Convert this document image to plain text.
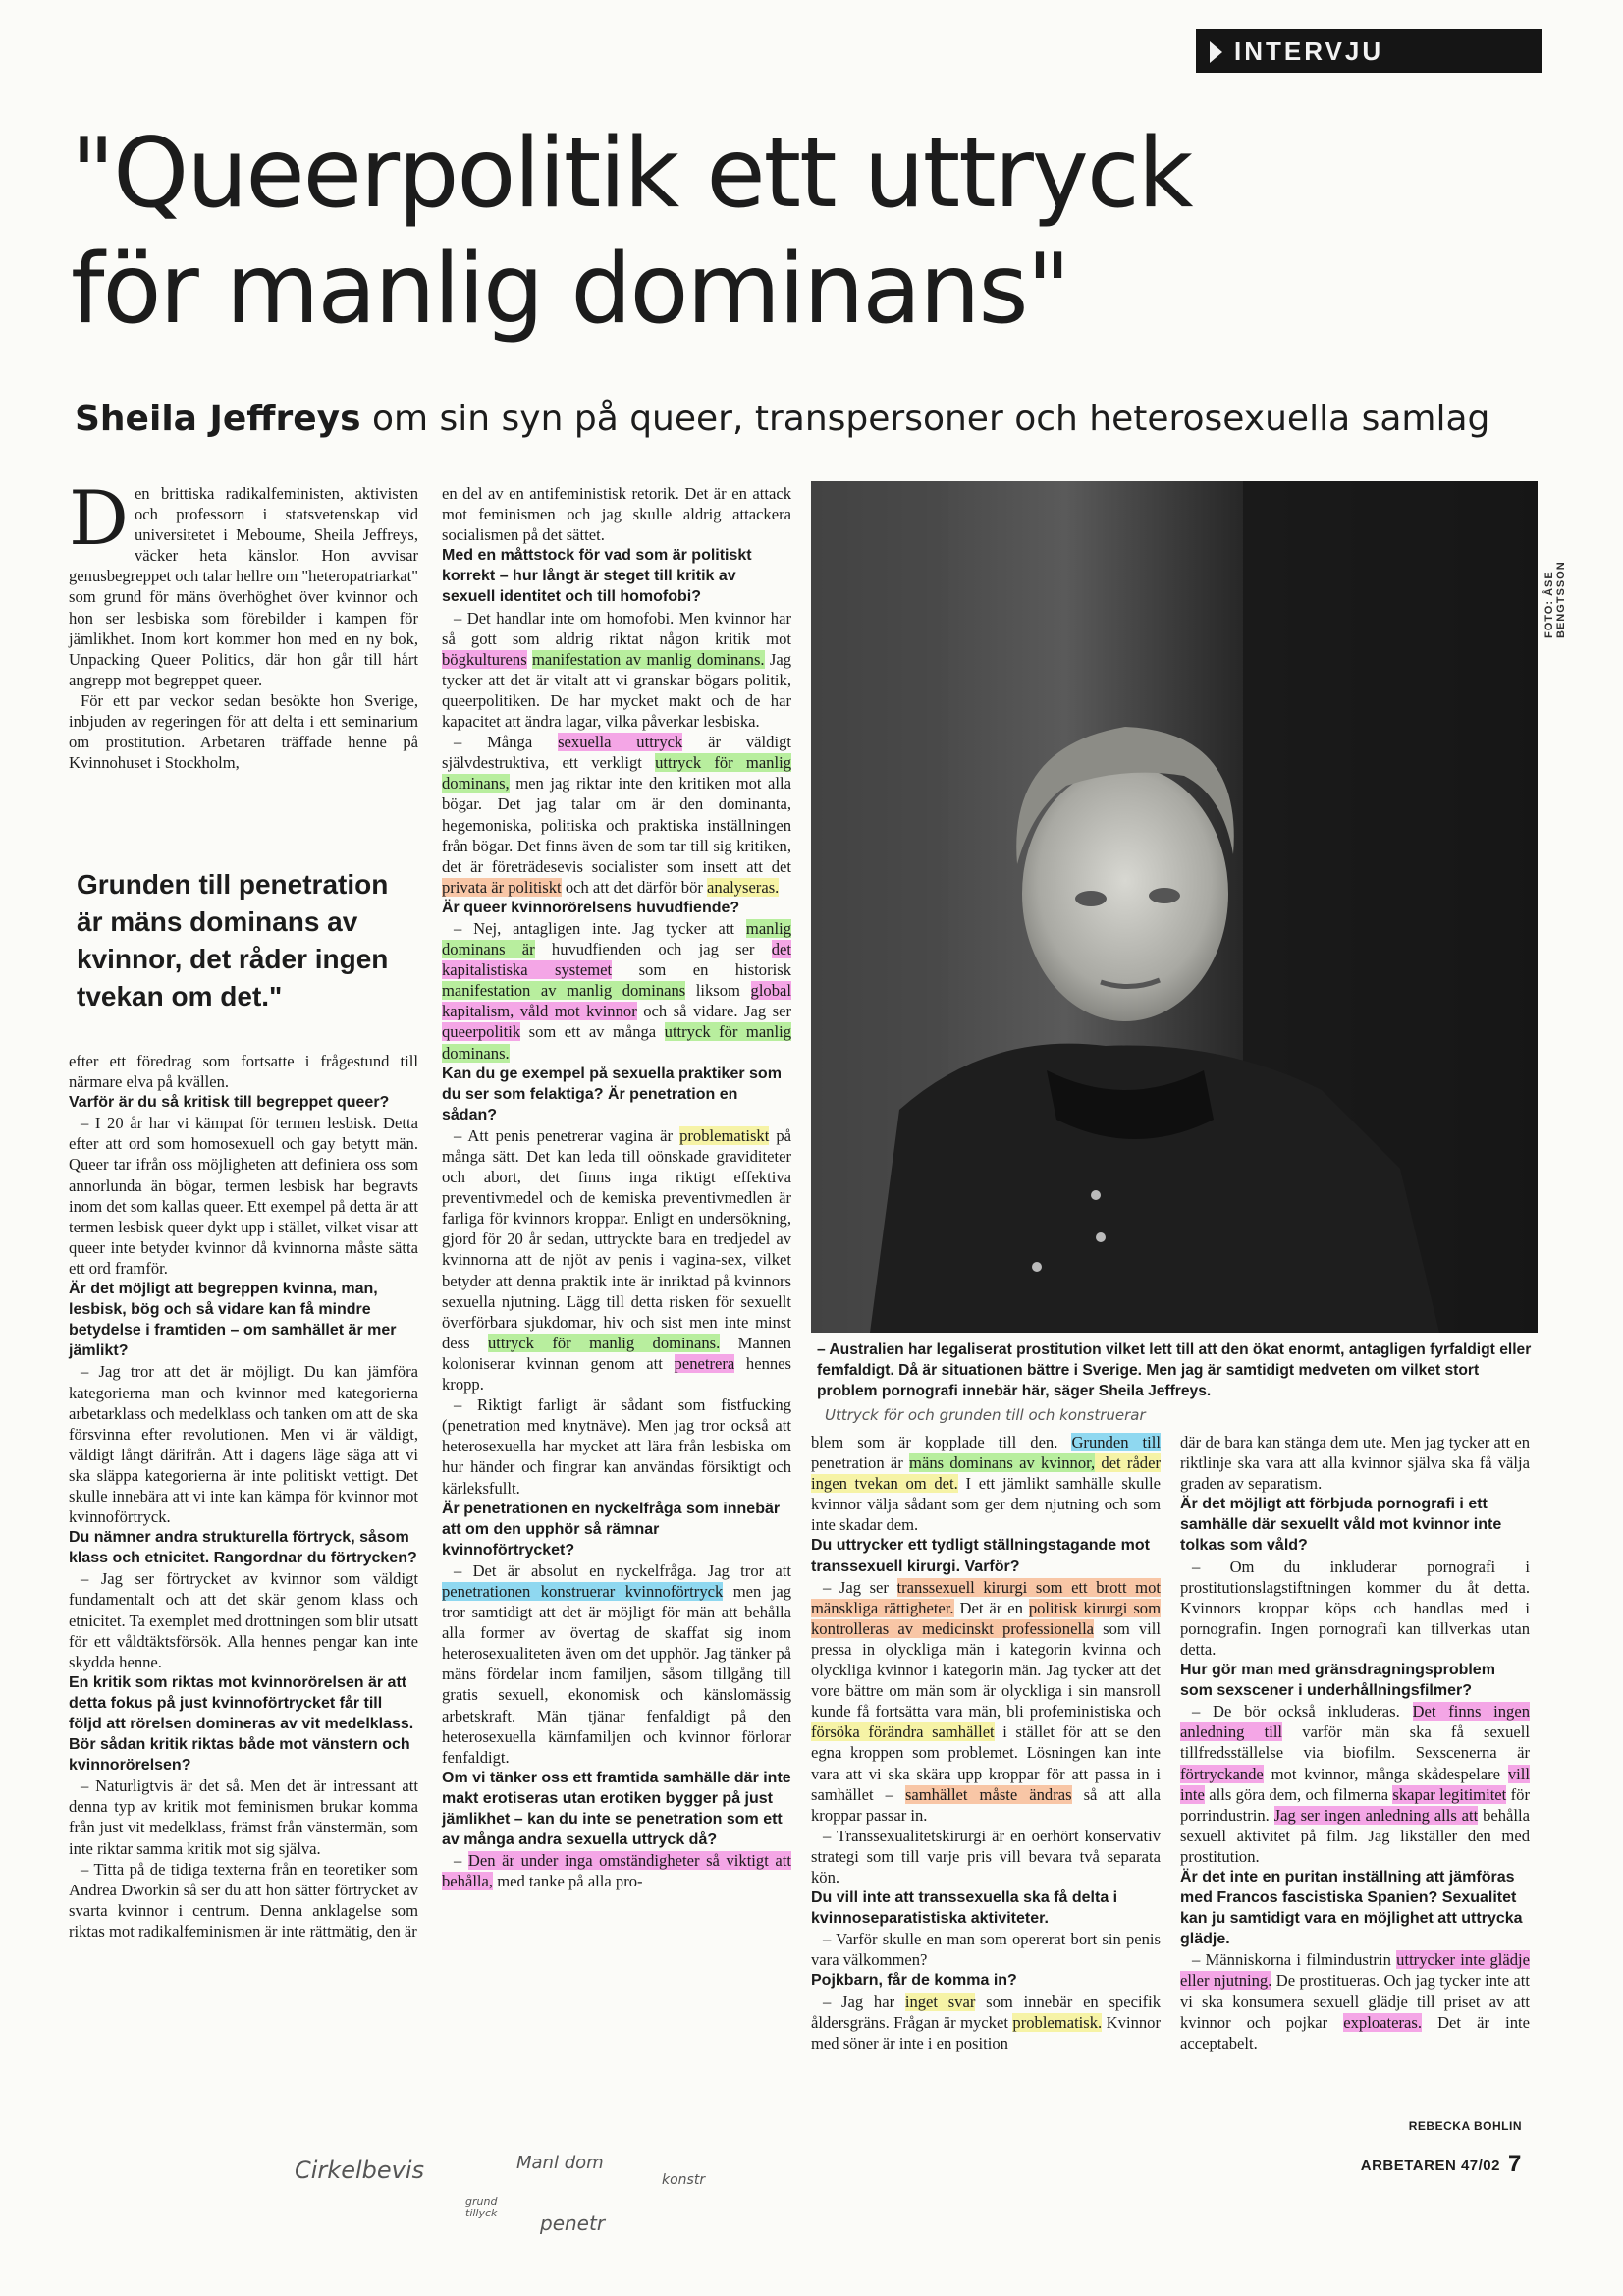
INTERVJU
"Queerpolitik ett uttryck
för manlig dominans"
Sheila Jeffreys om sin syn på queer, transpersoner och heterosexuella samlag

Den brittiska radikalfeministen, aktivisten och professorn i statsvetenskap vid universitetet i Meboume, Sheila Jeffreys, väcker heta känslor. Hon avvisar genusbegreppet och talar hellre om "heteropatriarkat" som grund för mäns överhöghet över kvinnor och hon ser lesbiska som förebilder i kampen för jämlikhet. Inom kort kommer hon med en ny bok, Unpacking Queer Politics, där hon går till hårt angrepp mot begreppet queer.

För ett par veckor sedan besökte hon Sverige, inbjuden av regeringen för att delta i ett seminarium om prostitution. Arbetaren träffade henne på Kvinnohuset i Stockholm,

Grunden till penetration är mäns dominans av kvinnor, det råder ingen tvekan om det."

efter ett föredrag som fortsatte i frågestund till närmare elva på kvällen.

Varför är du så kritisk till begreppet queer?

– I 20 år har vi kämpat för termen lesbisk. Detta efter att ord som homosexuell och gay betytt män. Queer tar ifrån oss möjligheten att definiera oss som annorlunda än bögar, termen lesbisk har begravts inom det som kallas queer. Ett exempel på detta är att termen lesbisk queer dykt upp i stället, vilket visar att queer inte betyder kvinnor då kvinnorna måste sätta ett ord framför.

Är det möjligt att begreppen kvinna, man, lesbisk, bög och så vidare kan få mindre betydelse i framtiden – om samhället är mer jämlikt?

– Jag tror att det är möjligt. Du kan jämföra kategorierna man och kvinnor med kategorierna arbetarklass och medelklass och tanken om att de ska försvinna efter revolutionen. Men vi är väldigt, väldigt långt därifrån. Att i dagens läge säga att vi ska släppa kategorierna är inte politiskt vettigt. Det skulle innebära att vi inte kan kämpa för kvinnor mot kvinnoförtryck.

Du nämner andra strukturella förtryck, såsom klass och etnicitet. Rangordnar du förtrycken?

– Jag ser förtrycket av kvinnor som väldigt fundamentalt och att det skär genom klass och etnicitet. Ta exemplet med drottningen som blir utsatt för ett våldtäktsförsök. Alla hennes pengar kan inte skydda henne.

En kritik som riktas mot kvinnorörelsen är att detta fokus på just kvinnoförtrycket får till följd att rörelsen domineras av vit medelklass. Bör sådan kritik riktas både mot vänstern och kvinnorörelsen?

– Naturligtvis är det så. Men det är intressant att denna typ av kritik mot feminismen brukar komma från just vit medelklass, främst från vänstermän, som inte riktar samma kritik mot sig själva.

– Titta på de tidiga texterna från en teoretiker som Andrea Dworkin så ser du att hon sätter förtrycket av svarta kvinnor i centrum. Denna anklagelse som riktas mot radikalfeminismen är inte rättmätig, den är

en del av en antifeministisk retorik. Det är en attack mot feminismen och jag skulle aldrig attackera socialismen på det sättet.

Med en måttstock för vad som är politiskt korrekt – hur långt är steget till kritik av sexuell identitet och till homofobi?

– Det handlar inte om homofobi. Men kvinnor har så gott som aldrig riktat någon kritik mot bögkulturens manifestation av manlig dominans. Jag tycker att det är vitalt att vi granskar bögars politik, queerpolitiken. De har mycket makt och de har kapacitet att ändra lagar, vilka påverkar lesbiska.

– Många sexuella uttryck är väldigt självdestruktiva, ett verkligt uttryck för manlig dominans, men jag riktar inte den kritiken mot alla bögar. Det jag talar om är den dominanta, hegemoniska, politiska och praktiska inställningen från bögar. Det finns även de som tar till sig kritiken, det är företrädesevis socialister som insett att det privata är politiskt och att det därför bör analyseras.

Är queer kvinnorörelsens huvudfiende?

– Nej, antagligen inte. Jag tycker att manlig dominans är huvudfienden och jag ser det kapitalistiska systemet som en historisk manifestation av manlig dominans liksom global kapitalism, våld mot kvinnor och så vidare. Jag ser queerpolitik som ett av många uttryck för manlig dominans.

Kan du ge exempel på sexuella praktiker som du ser som felaktiga? Är penetration en sådan?

– Att penis penetrerar vagina är problematiskt på många sätt. Det kan leda till oönskade graviditeter och abort, det finns inga riktigt effektiva preventivmedel och de kemiska preventivmedlen är farliga för kvinnors kroppar. Enligt en undersökning, gjord för 20 år sedan, uttryckte bara en tredjedel av kvinnorna att de njöt av penis i vagina-sex, vilket betyder att denna praktik inte är inriktad på kvinnors sexuella njutning. Lägg till detta risken för sexuellt överförbara sjukdomar, hiv och sist men inte minst dess uttryck för manlig dominans. Mannen koloniserar kvinnan genom att penetrera hennes kropp.

– Riktigt farligt är sådant som fistfucking (penetration med knytnäve). Men jag tror också att heterosexuella har mycket att lära från lesbiska om hur händer och fingrar kan användas försiktigt och kärleksfullt.

Är penetrationen en nyckelfråga som innebär att om den upphör så rämnar kvinnoförtrycket?

– Det är absolut en nyckelfråga. Jag tror att penetrationen konstruerar kvinnoförtryck men jag tror samtidigt att det är möjligt för män att behålla alla former av övertag de skaffat sig inom heterosexualiteten även om det upphör. Jag tänker på mäns fördelar inom familjen, såsom tillgång till gratis sexuell, ekonomisk och känslomässig arbetskraft. Män tjänar fenfaldigt på den heterosexuella kärnfamiljen och kvinnor förlorar fenfaldigt.

Om vi tänker oss ett framtida samhälle där inte makt erotiseras utan erotiken bygger på just jämlikhet – kan du inte se penetration som ett av många andra sexuella uttryck då?

– Den är under inga omständigheter så viktigt att behålla, med tanke på alla pro-

FOTO: ÅSE BENGTSSON
– Australien har legaliserat prostitution vilket lett till att den ökat enormt, antagligen fyrfaldigt eller femfaldigt. Då är situationen bättre i Sverige. Men jag är samtidigt medveten om vilket stort problem pornografi innebär här, säger Sheila Jeffreys.
Uttryck för och grunden till och konstruerar

blem som är kopplade till den. Grunden till penetration är mäns dominans av kvinnor, det råder ingen tvekan om det. I ett jämlikt samhälle skulle kvinnor välja sådant som ger dem njutning och som inte skadar dem.

Du uttrycker ett tydligt ställningstagande mot transsexuell kirurgi. Varför?

– Jag ser transsexuell kirurgi som ett brott mot mänskliga rättigheter. Det är en politisk kirurgi som kontrolleras av medicinskt professionella som vill pressa in olyckliga män i kategorin kvinna och olyckliga kvinnor i kategorin män. Jag tycker att det vore bättre om män som är olyckliga i sin mansroll kunde få fortsätta vara män, bli profeministiska och försöka förändra samhället i stället för att se den egna kroppen som problemet. Lösningen kan inte vara att vi ska skära upp kroppar för att passa in i samhället – samhället måste ändras så att alla kroppar passar in.

– Transsexualitetskirurgi är en oerhört konservativ strategi som till varje pris vill bevara två separata kön.

Du vill inte att transsexuella ska få delta i kvinnoseparatistiska aktiviteter.

– Varför skulle en man som opererat bort sin penis vara välkommen?

Pojkbarn, får de komma in?

– Jag har inget svar som innebär en specifik åldersgräns. Frågan är mycket problematisk. Kvinnor med söner är inte i en position

där de bara kan stänga dem ute. Men jag tycker att en riktlinje ska vara att alla kvinnor själva ska få välja graden av separatism.

Är det möjligt att förbjuda pornografi i ett samhälle där sexuellt våld mot kvinnor inte tolkas som våld?

– Om du inkluderar pornografi i prostitutionslagstiftningen kommer du åt detta. Kvinnors kroppar köps och handlas med i pornografin. Ingen pornografi kan tillverkas utan detta.

Hur gör man med gränsdragningsproblem som sexscener i underhållningsfilmer?

– De bör också inkluderas. Det finns ingen anledning till varför män ska få sexuell tillfredsställelse via biofilm. Sexscenerna är förtryckande mot kvinnor, många skådespelare vill inte alls göra dem, och filmerna skapar legitimitet för porrindustrin. Jag ser ingen anledning alls att behålla sexuell aktivitet på film. Jag likställer den med prostitution.

Är det inte en puritan inställning att jämföras med Francos fascistiska Spanien? Sexualitet kan ju samtidigt vara en möjlighet att uttrycka glädje.

– Människorna i filmindustrin uttrycker inte glädje eller njutning. De prostitueras. Och jag tycker inte att vi ska konsumera sexuell glädje till priset av att kvinnor och pojkar exploateras. Det är inte acceptabelt.

REBECKA BOHLIN
Cirkelbevis	Manl dom
grund tillyck	penetr
konstr
ARBETAREN 47/02 7
